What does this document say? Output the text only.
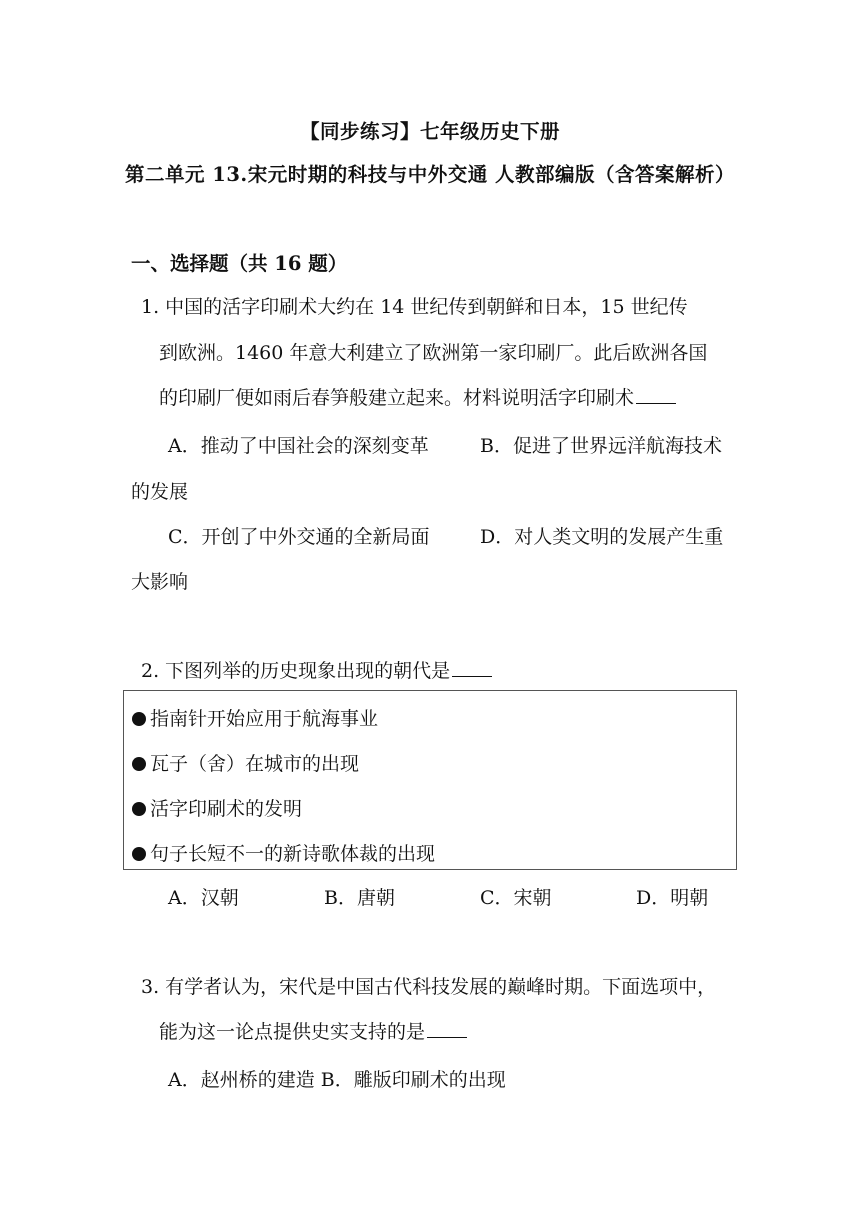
【同步练习】七年级历史下册
第二单元 13.宋元时期的科技与中外交通 人教部编版（含答案解析）
一、选择题（共 16 题）
1. 中国的活字印刷术大约在 14 世纪传到朝鲜和日本，15 世纪传
到欧洲。1460 年意大利建立了欧洲第一家印刷厂。此后欧洲各国
的印刷厂便如雨后春笋般建立起来。材料说明活字印刷术
A．推动了中国社会的深刻变革	B．促进了世界远洋航海技术
的发展
C．开创了中外交通的全新局面	D．对人类文明的发展产生重
大影响
2. 下图列举的历史现象出现的朝代是
指南针开始应用于航海事业
瓦子（舍）在城市的出现
活字印刷术的发明
句子长短不一的新诗歌体裁的出现
A．汉朝	B．唐朝	C．宋朝	D．明朝
3. 有学者认为，宋代是中国古代科技发展的巅峰时期。下面选项中，
能为这一论点提供史实支持的是
A．赵州桥的建造 B．雕版印刷术的出现
